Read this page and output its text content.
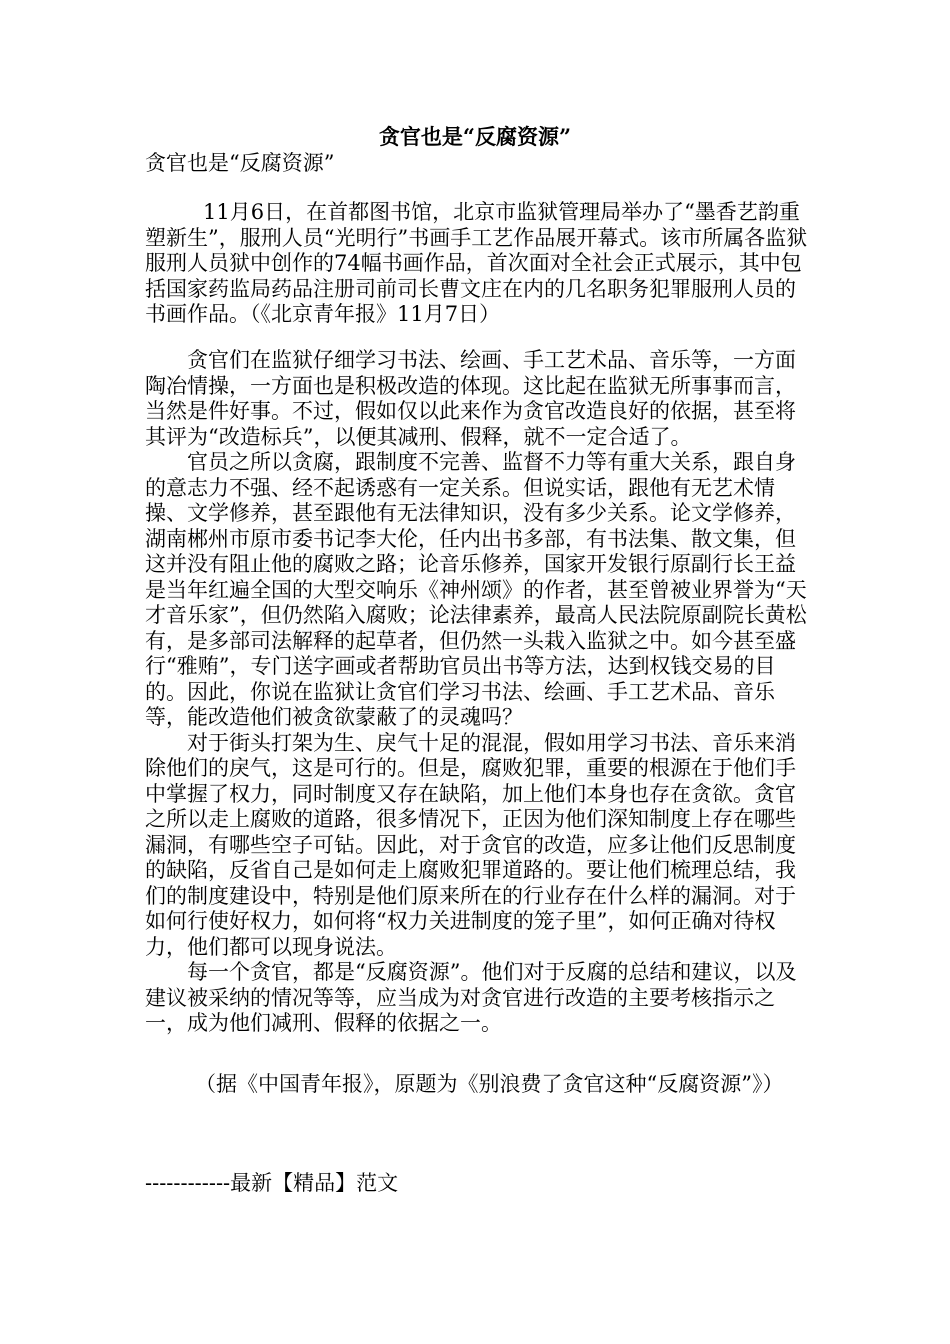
贪官也是“反腐资源”
贪官也是“反腐资源”

11月6日，在首都图书馆，北京市监狱管理局举办了“墨香艺韵重塑新生”，服刑人员“光明行”书画手工艺作品展开幕式。该市所属各监狱服刑人员狱中创作的74幅书画作品，首次面对全社会正式展示，其中包括国家药监局药品注册司前司长曹文庄在内的几名职务犯罪服刑人员的书画作品。（《北京青年报》11月7日）

贪官们在监狱仔细学习书法、绘画、手工艺术品、音乐等，一方面陶冶情操，一方面也是积极改造的体现。这比起在监狱无所事事而言，当然是件好事。不过，假如仅以此来作为贪官改造良好的依据，甚至将其评为“改造标兵”，以便其减刑、假释，就不一定合适了。

官员之所以贪腐，跟制度不完善、监督不力等有重大关系，跟自身的意志力不强、经不起诱惑有一定关系。但说实话，跟他有无艺术情操、文学修养，甚至跟他有无法律知识，没有多少关系。论文学修养，湖南郴州市原市委书记李大伦，任内出书多部，有书法集、散文集，但这并没有阻止他的腐败之路；论音乐修养，国家开发银行原副行长王益是当年红遍全国的大型交响乐《神州颂》的作者，甚至曾被业界誉为“天才音乐家”，但仍然陷入腐败；论法律素养，最高人民法院原副院长黄松有，是多部司法解释的起草者，但仍然一头栽入监狱之中。如今甚至盛行“雅贿”，专门送字画或者帮助官员出书等方法，达到权钱交易的目的。因此，你说在监狱让贪官们学习书法、绘画、手工艺术品、音乐等，能改造他们被贪欲蒙蔽了的灵魂吗？

对于街头打架为生、戾气十足的混混，假如用学习书法、音乐来消除他们的戾气，这是可行的。但是，腐败犯罪，重要的根源在于他们手中掌握了权力，同时制度又存在缺陷，加上他们本身也存在贪欲。贪官之所以走上腐败的道路，很多情况下，正因为他们深知制度上存在哪些漏洞，有哪些空子可钻。因此，对于贪官的改造，应多让他们反思制度的缺陷，反省自己是如何走上腐败犯罪道路的。要让他们梳理总结，我们的制度建设中，特别是他们原来所在的行业存在什么样的漏洞。对于如何行使好权力，如何将“权力关进制度的笼子里”，如何正确对待权力，他们都可以现身说法。

每一个贪官，都是“反腐资源”。他们对于反腐的总结和建议，以及建议被采纳的情况等等，应当成为对贪官进行改造的主要考核指示之一，成为他们减刑、假释的依据之一。

（据《中国青年报》，原题为《别浪费了贪官这种“反腐资源”》）

------------最新【精品】范文
